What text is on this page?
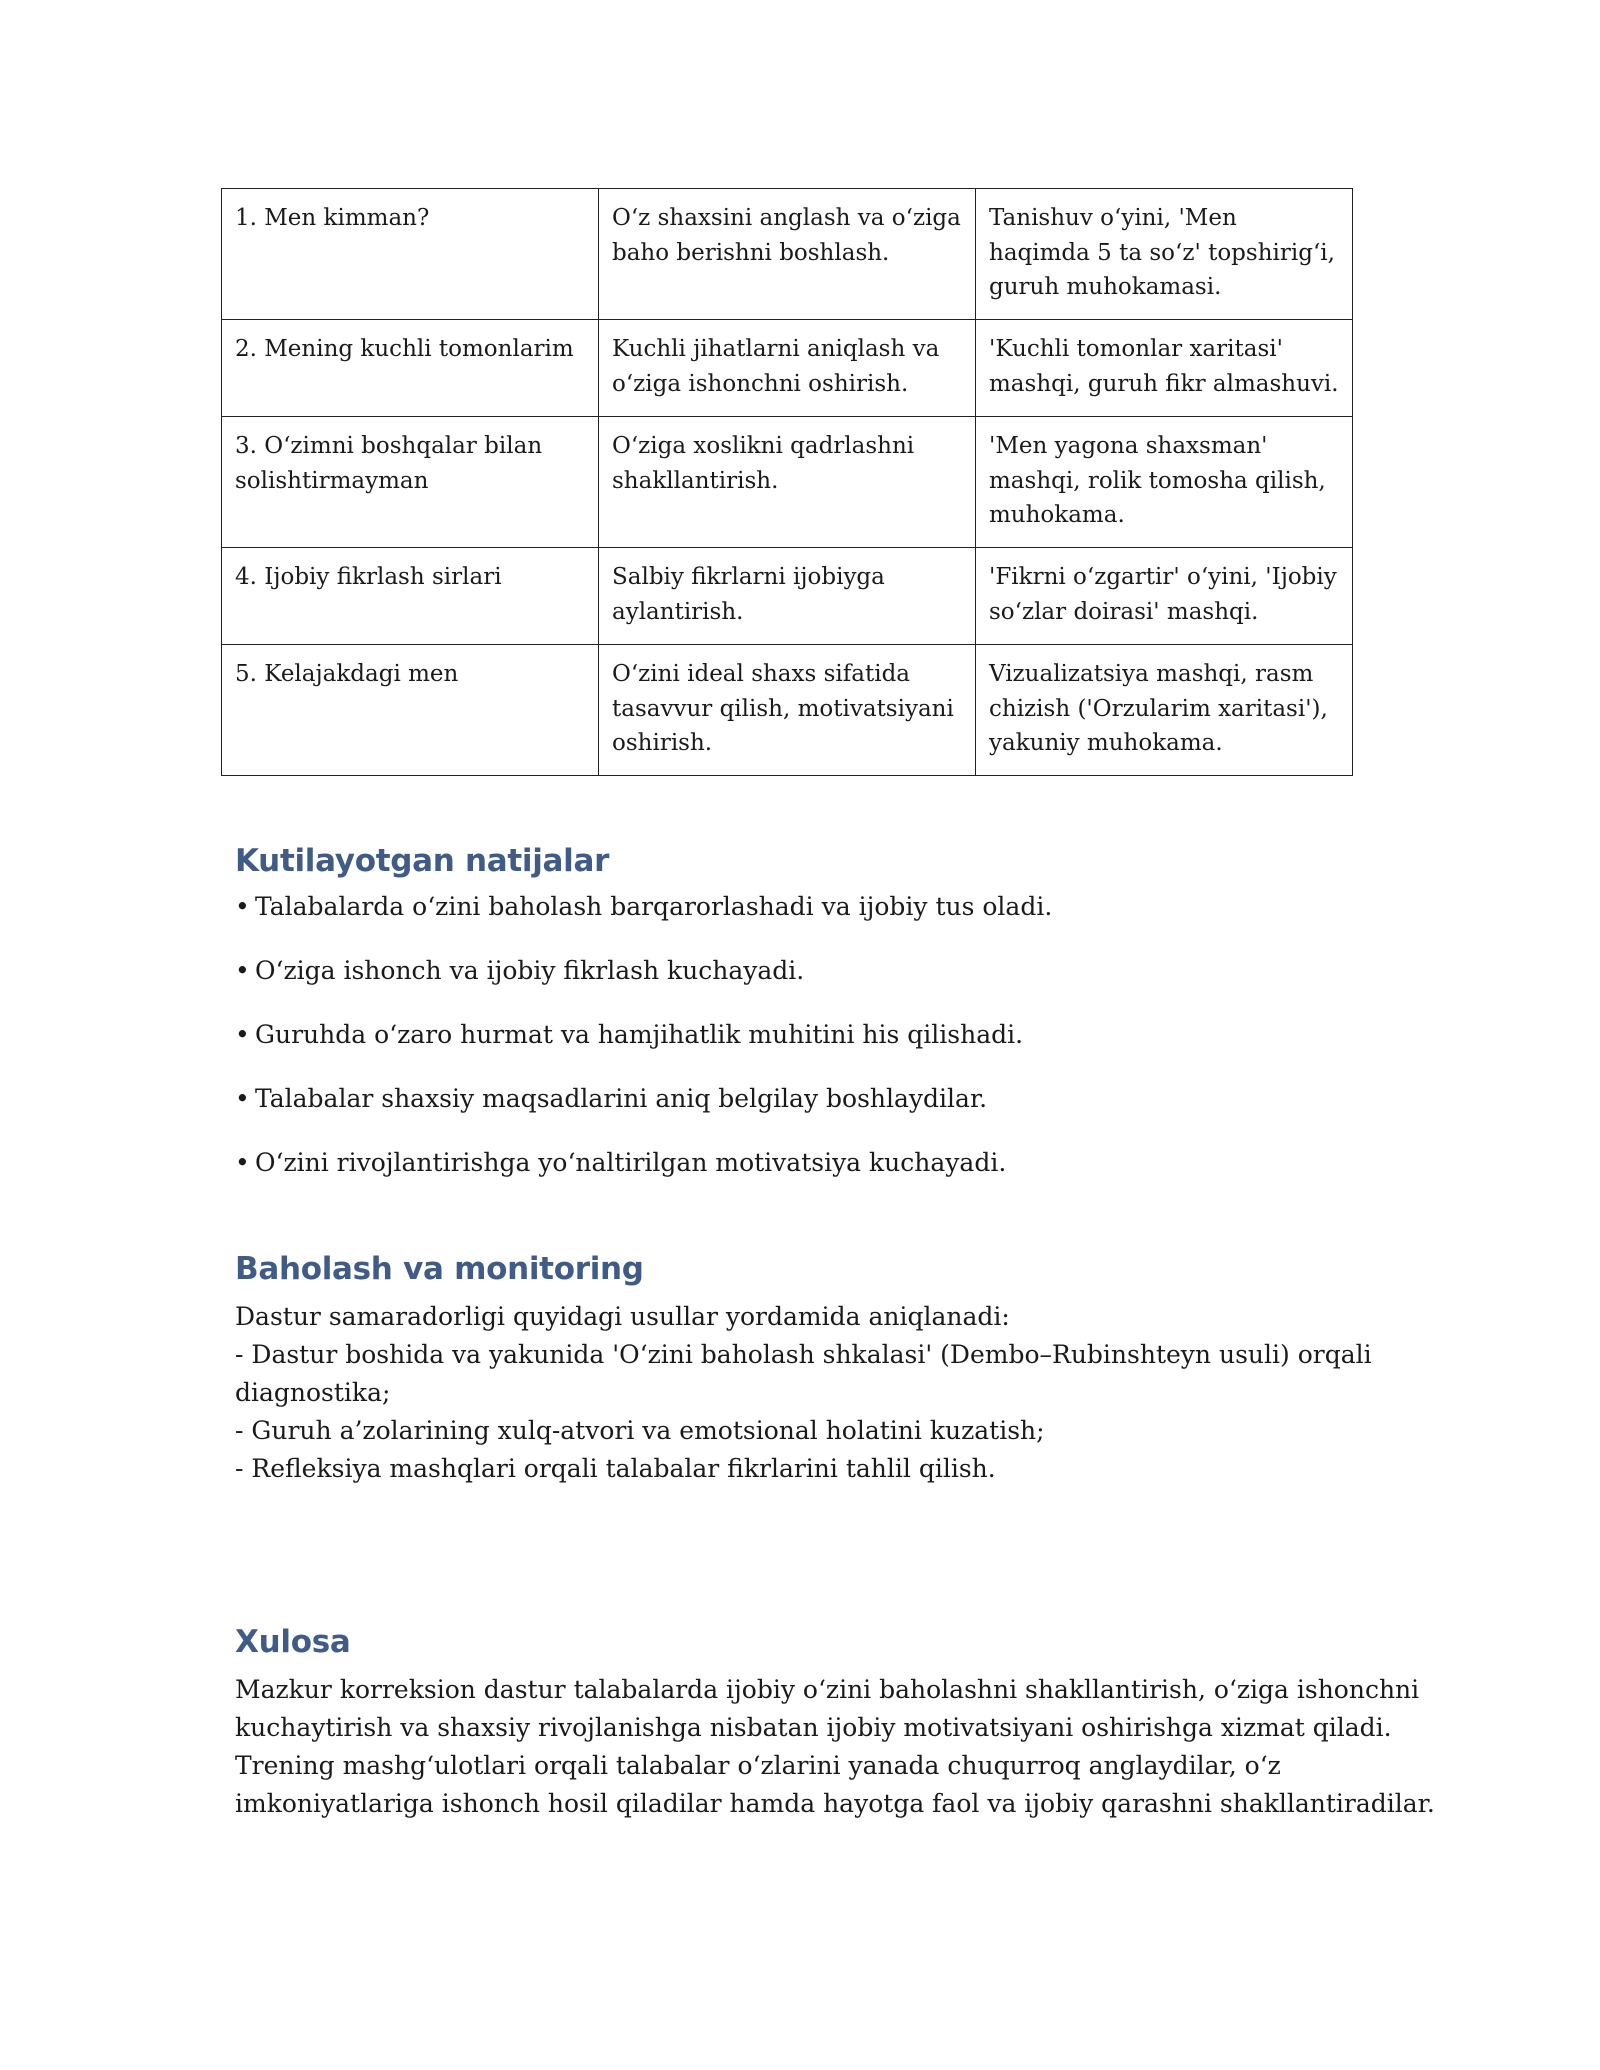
1. Men kimman?	O‘z shaxsini anglash va o‘ziga baho berishni boshlash.	Tanishuv o‘yini, 'Men haqimda 5 ta so‘z' topshirig‘i, guruh muhokamasi.
2. Mening kuchli tomonlarim	Kuchli jihatlarni aniqlash va o‘ziga ishonchni oshirish.	'Kuchli tomonlar xaritasi' mashqi, guruh fikr almashuvi.
3. O‘zimni boshqalar bilan solishtirmayman	O‘ziga xoslikni qadrlashni shakllantirish.	'Men yagona shaxsman' mashqi, rolik tomosha qilish, muhokama.
4. Ijobiy fikrlash sirlari	Salbiy fikrlarni ijobiyga aylantirish.	'Fikrni o‘zgartir' o‘yini, 'Ijobiy so‘zlar doirasi' mashqi.
5. Kelajakdagi men	O‘zini ideal shaxs sifatida tasavvur qilish, motivatsiyani oshirish.	Vizualizatsiya mashqi, rasm chizish ('Orzularim xaritasi'), yakuniy muhokama.
Kutilayotgan natijalar
• Talabalarda o‘zini baholash barqarorlashadi va ijobiy tus oladi.
• O‘ziga ishonch va ijobiy fikrlash kuchayadi.
• Guruhda o‘zaro hurmat va hamjihatlik muhitini his qilishadi.
• Talabalar shaxsiy maqsadlarini aniq belgilay boshlaydilar.
• O‘zini rivojlantirishga yo‘naltirilgan motivatsiya kuchayadi.
Baholash va monitoring
Dastur samaradorligi quyidagi usullar yordamida aniqlanadi:
- Dastur boshida va yakunida 'O‘zini baholash shkalasi' (Dembo–Rubinshteyn usuli) orqali
diagnostika;
- Guruh a’zolarining xulq-atvori va emotsional holatini kuzatish;
- Refleksiya mashqlari orqali talabalar fikrlarini tahlil qilish.
Xulosa
Mazkur korreksion dastur talabalarda ijobiy o‘zini baholashni shakllantirish, o‘ziga ishonchni
kuchaytirish va shaxsiy rivojlanishga nisbatan ijobiy motivatsiyani oshirishga xizmat qiladi.
Trening mashg‘ulotlari orqali talabalar o‘zlarini yanada chuqurroq anglaydilar, o‘z
imkoniyatlariga ishonch hosil qiladilar hamda hayotga faol va ijobiy qarashni shakllantiradilar.
